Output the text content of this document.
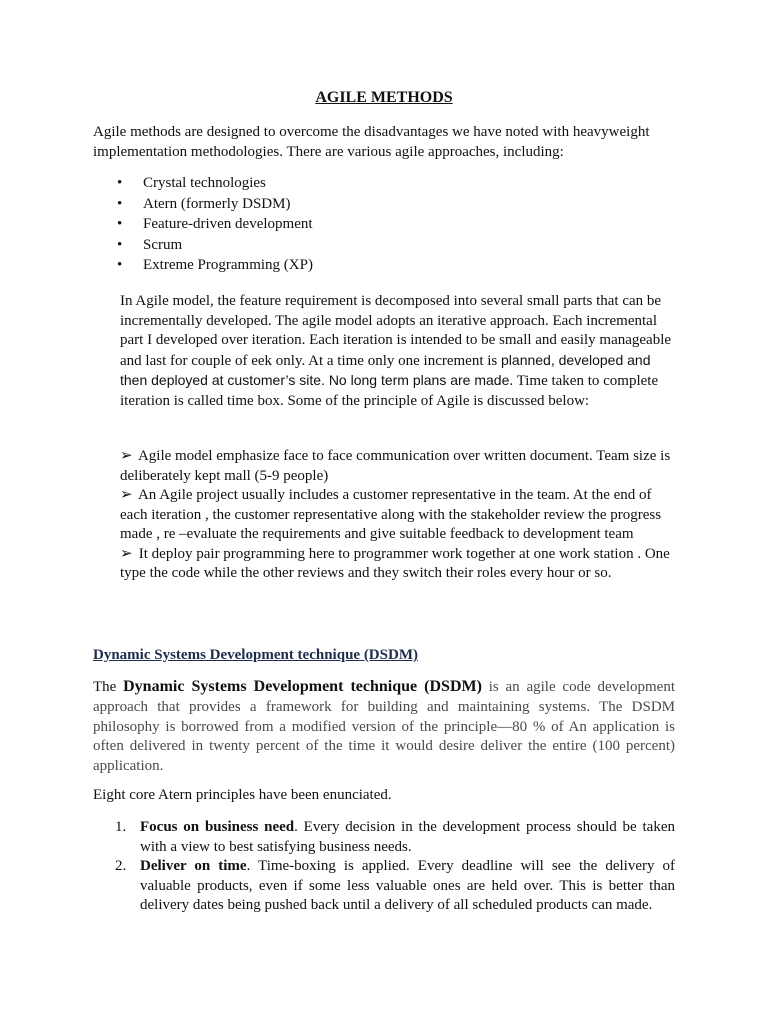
AGILE METHODS

Agile methods are designed to overcome the disadvantages we have noted with heavyweight implementation methodologies. There are various agile approaches, including:

• Crystal technologies
• Atern (formerly DSDM)
• Feature-driven development
• Scrum
• Extreme Programming (XP)

In Agile model, the feature requirement is decomposed into several small parts that can be incrementally developed. The agile model adopts an iterative approach. Each incremental part I developed over iteration. Each iteration is intended to be small and easily manageable and last for couple of eek only. At a time only one increment is planned, developed and then deployed at customer’s site. No long term plans are made. Time taken to complete iteration is called time box. Some of the principle of Agile is discussed below:

➢ Agile model emphasize face to face communication over written document. Team size is deliberately kept mall (5-9 people)

➢ An Agile project usually includes a customer representative in the team. At the end of each iteration , the customer representative along with the stakeholder review the progress made , re –evaluate the requirements and give suitable feedback to development team

➢ It deploy pair programming here to programmer work together at one work station . One type the code while the other reviews and they switch their roles every hour or so.

Dynamic Systems Development technique (DSDM)

The Dynamic Systems Development technique (DSDM) is an agile code development approach that provides a framework for building and maintaining systems. The DSDM philosophy is borrowed from a modified version of the principle—80 % of An application is often delivered in twenty percent of the time it would desire deliver the entire (100 percent) application.

Eight core Atern principles have been enunciated.

1. Focus on business need. Every decision in the development process should be taken with a view to best satisfying business needs.
2. Deliver on time. Time-boxing is applied. Every deadline will see the delivery of valuable products, even if some less valuable ones are held over. This is better than delivery dates being pushed back until a delivery of all scheduled products can made.
